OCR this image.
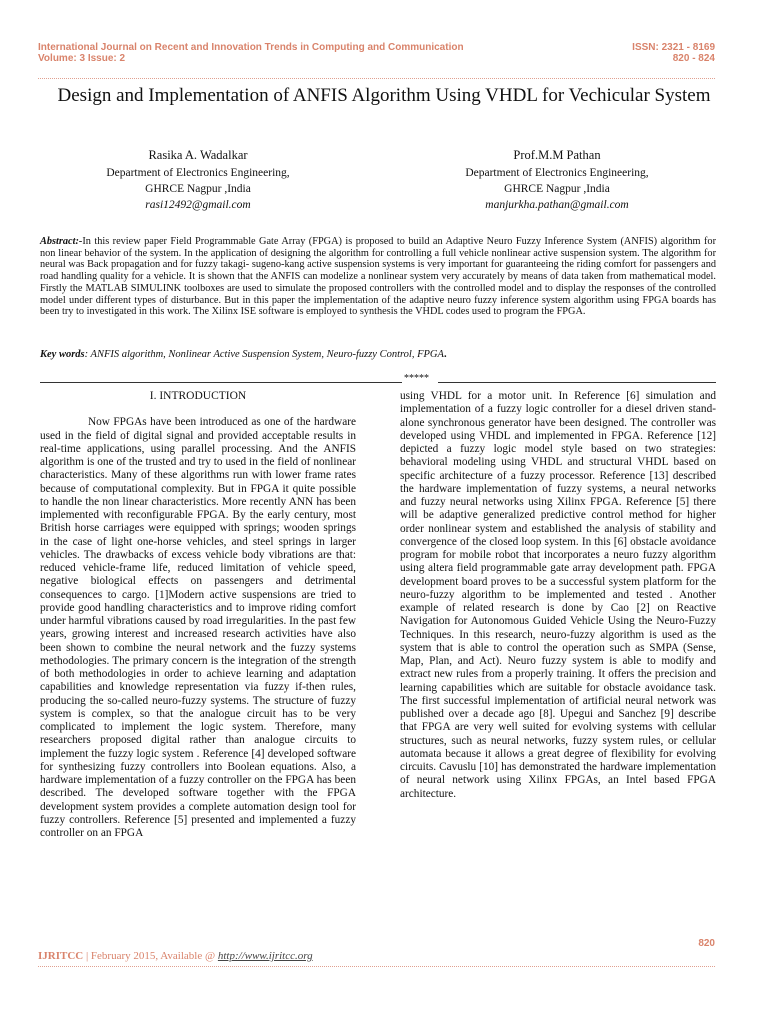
International Journal on Recent and Innovation Trends in Computing and Communication
Volume: 3 Issue: 2
ISSN: 2321 - 8169
820 - 824
Design and Implementation of ANFIS Algorithm Using VHDL for Vechicular System
Rasika A. Wadalkar
Department of Electronics Engineering,
GHRCE Nagpur ,India
rasi12492@gmail.com
Prof.M.M Pathan
Department of Electronics Engineering,
GHRCE Nagpur ,India
manjurkha.pathan@gmail.com
Abstract:-In this review paper Field Programmable Gate Array (FPGA) is proposed to build an Adaptive Neuro Fuzzy Inference System (ANFIS) algorithm for non linear behavior of the system. In the application of designing the algorithm for controlling a full vehicle nonlinear active suspension system. The algorithm for neural was Back propagation and for fuzzy takagi- sugeno-kang active suspension systems is very important for guaranteeing the riding comfort for passengers and road handling quality for a vehicle. It is shown that the ANFIS can modelize a nonlinear system very accurately by means of data taken from mathematical model. Firstly the MATLAB SIMULINK toolboxes are used to simulate the proposed controllers with the controlled model and to display the responses of the controlled model under different types of disturbance. But in this paper the implementation of the adaptive neuro fuzzy inference system algorithm using FPGA boards has been try to investigated in this work. The Xilinx ISE software is employed to synthesis the VHDL codes used to program the FPGA.
Key words: ANFIS algorithm, Nonlinear Active Suspension System, Neuro-fuzzy Control, FPGA.
*****
I. INTRODUCTION

Now FPGAs have been introduced as one of the hardware used in the field of digital signal and provided acceptable results in real-time applications, using parallel processing. And the ANFIS algorithm is one of the trusted and try to used in the field of nonlinear characteristics. Many of these algorithms run with lower frame rates because of computational complexity. But in FPGA it quite possible to handle the non linear characteristics. More recently ANN has been implemented with reconfigurable FPGA. By the early century, most British horse carriages were equipped with springs; wooden springs in the case of light one-horse vehicles, and steel springs in larger vehicles. The drawbacks of excess vehicle body vibrations are that: reduced vehicle-frame life, reduced limitation of vehicle speed, negative biological effects on passengers and detrimental consequences to cargo. [1]Modern active suspensions are tried to provide good handling characteristics and to improve riding comfort under harmful vibrations caused by road irregularities. In the past few years, growing interest and increased research activities have also been shown to combine the neural network and the fuzzy systems methodologies. The primary concern is the integration of the strength of both methodologies in order to achieve learning and adaptation capabilities and knowledge representation via fuzzy if-then rules, producing the so-called neuro-fuzzy systems. The structure of fuzzy system is complex, so that the analogue circuit has to be very complicated to implement the logic system. Therefore, many researchers proposed digital rather than analogue circuits to implement the fuzzy logic system . Reference [4] developed software for synthesizing fuzzy controllers into Boolean equations. Also, a hardware implementation of a fuzzy controller on the FPGA has been described. The developed software together with the FPGA development system provides a complete automation design tool for fuzzy controllers. Reference [5] presented and implemented a fuzzy controller on an FPGA

using VHDL for a motor unit. In Reference [6] simulation and implementation of a fuzzy logic controller for a diesel driven stand-alone synchronous generator have been designed. The controller was developed using VHDL and implemented in FPGA. Reference [12] depicted a fuzzy logic model style based on two strategies: behavioral modeling using VHDL and structural VHDL based on specific architecture of a fuzzy processor. Reference [13] described the hardware implementation of fuzzy systems, a neural networks and fuzzy neural networks using Xilinx FPGA. Reference [5] there will be adaptive generalized predictive control method for higher order nonlinear system and established the analysis of stability and convergence of the closed loop system. In this [6] obstacle avoidance program for mobile robot that incorporates a neuro fuzzy algorithm using altera field programmable gate array development path. FPGA development board proves to be a successful system platform for the neuro-fuzzy algorithm to be implemented and tested . Another example of related research is done by Cao [2] on Reactive Navigation for Autonomous Guided Vehicle Using the Neuro-Fuzzy Techniques. In this research, neuro-fuzzy algorithm is used as the system that is able to control the operation such as SMPA (Sense, Map, Plan, and Act). Neuro fuzzy system is able to modify and extract new rules from a properly training. It offers the precision and learning capabilities which are suitable for obstacle avoidance task. The first successful implementation of artificial neural network was published over a decade ago [8]. Upegui and Sanchez [9] describe that FPGA are very well suited for evolving systems with cellular structures, such as neural networks, fuzzy system rules, or cellular automata because it allows a great degree of flexibility for evolving circuits. Cavuslu [10] has demonstrated the hardware implementation of neural network using Xilinx FPGAs, an Intel based FPGA architecture.

820
IJRITCC | February 2015, Available @ http://www.ijritcc.org
